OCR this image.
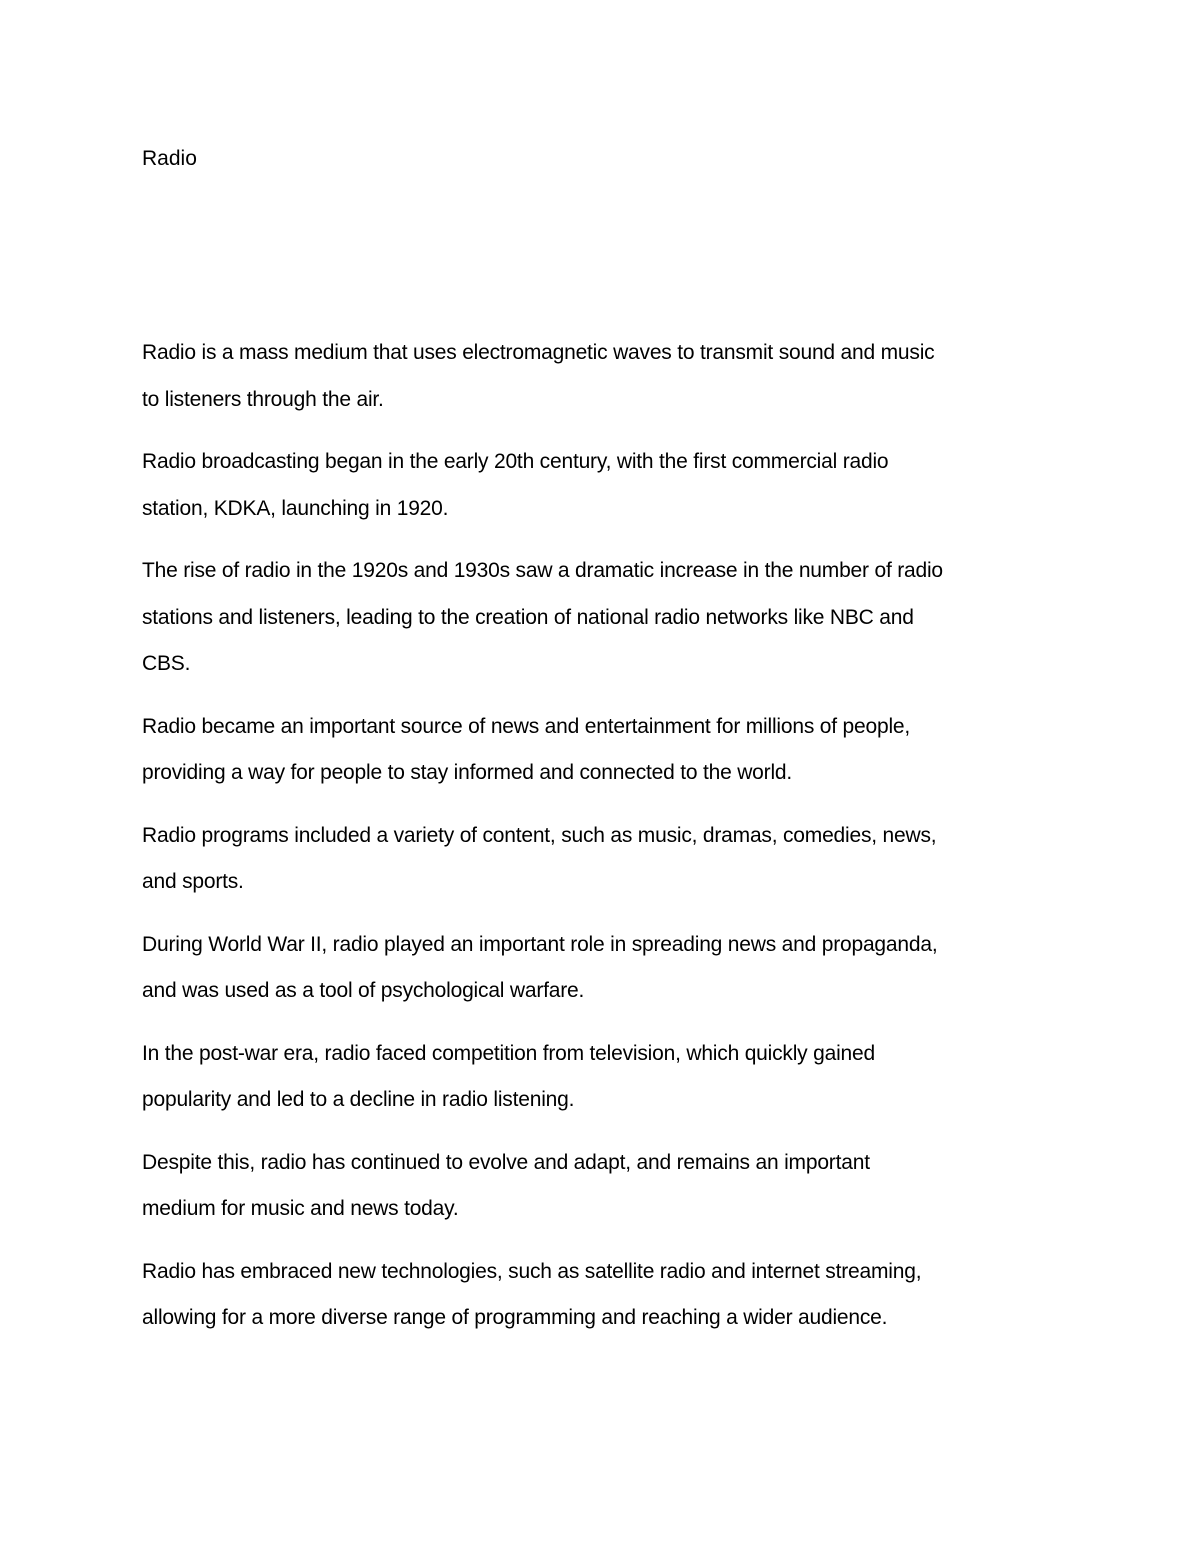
Radio

Radio is a mass medium that uses electromagnetic waves to transmit sound and music
to listeners through the air.

Radio broadcasting began in the early 20th century, with the first commercial radio
station, KDKA, launching in 1920.

The rise of radio in the 1920s and 1930s saw a dramatic increase in the number of radio
stations and listeners, leading to the creation of national radio networks like NBC and
CBS.

Radio became an important source of news and entertainment for millions of people,
providing a way for people to stay informed and connected to the world.

Radio programs included a variety of content, such as music, dramas, comedies, news,
and sports.

During World War II, radio played an important role in spreading news and propaganda,
and was used as a tool of psychological warfare.

In the post-war era, radio faced competition from television, which quickly gained
popularity and led to a decline in radio listening.

Despite this, radio has continued to evolve and adapt, and remains an important
medium for music and news today.

Radio has embraced new technologies, such as satellite radio and internet streaming,
allowing for a more diverse range of programming and reaching a wider audience.
